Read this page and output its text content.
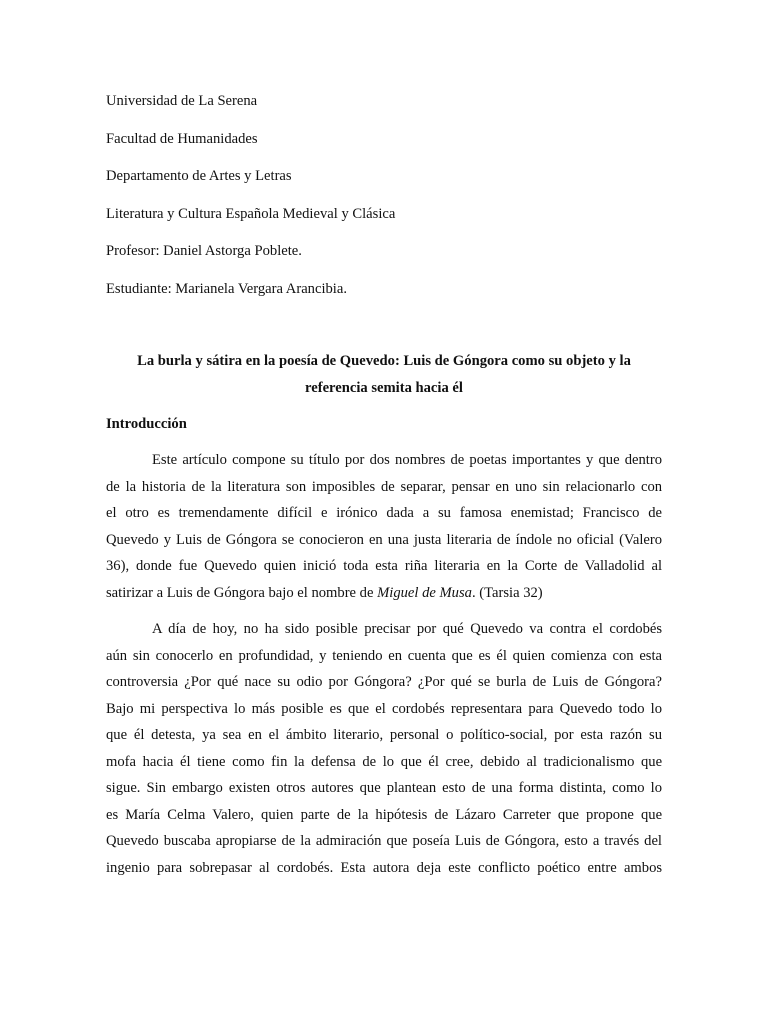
Universidad de La Serena

Facultad de Humanidades

Departamento de Artes y Letras

Literatura y Cultura Española Medieval y Clásica

Profesor: Daniel Astorga Poblete.

Estudiante: Marianela Vergara Arancibia.

La burla y sátira en la poesía de Quevedo: Luis de Góngora como su objeto y la
referencia semita hacia él
Introducción
Este artículo compone su título por dos nombres de poetas importantes y que dentro
de la historia de la literatura son imposibles de separar, pensar en uno sin relacionarlo con
el otro es tremendamente difícil e irónico dada a su famosa enemistad; Francisco de
Quevedo y Luis de Góngora se conocieron en una justa literaria de índole no oficial (Valero
36), donde fue Quevedo quien inició toda esta riña literaria en la Corte de Valladolid al
satirizar a Luis de Góngora bajo el nombre de Miguel de Musa. (Tarsia 32)
A día de hoy, no ha sido posible precisar por qué Quevedo va contra el cordobés
aún sin conocerlo en profundidad, y teniendo en cuenta que es él quien comienza con esta
controversia ¿Por qué nace su odio por Góngora? ¿Por qué se burla de Luis de Góngora?
Bajo mi perspectiva lo más posible es que el cordobés representara para Quevedo todo lo
que él detesta, ya sea en el ámbito literario, personal o político-social, por esta razón su
mofa hacia él tiene como fin la defensa de lo que él cree, debido al tradicionalismo que
sigue. Sin embargo existen otros autores que plantean esto de una forma distinta, como lo
es María Celma Valero, quien parte de la hipótesis de Lázaro Carreter que propone que
Quevedo buscaba apropiarse de la admiración que poseía Luis de Góngora, esto a través del
ingenio para sobrepasar al cordobés. Esta autora deja este conflicto poético entre ambos
